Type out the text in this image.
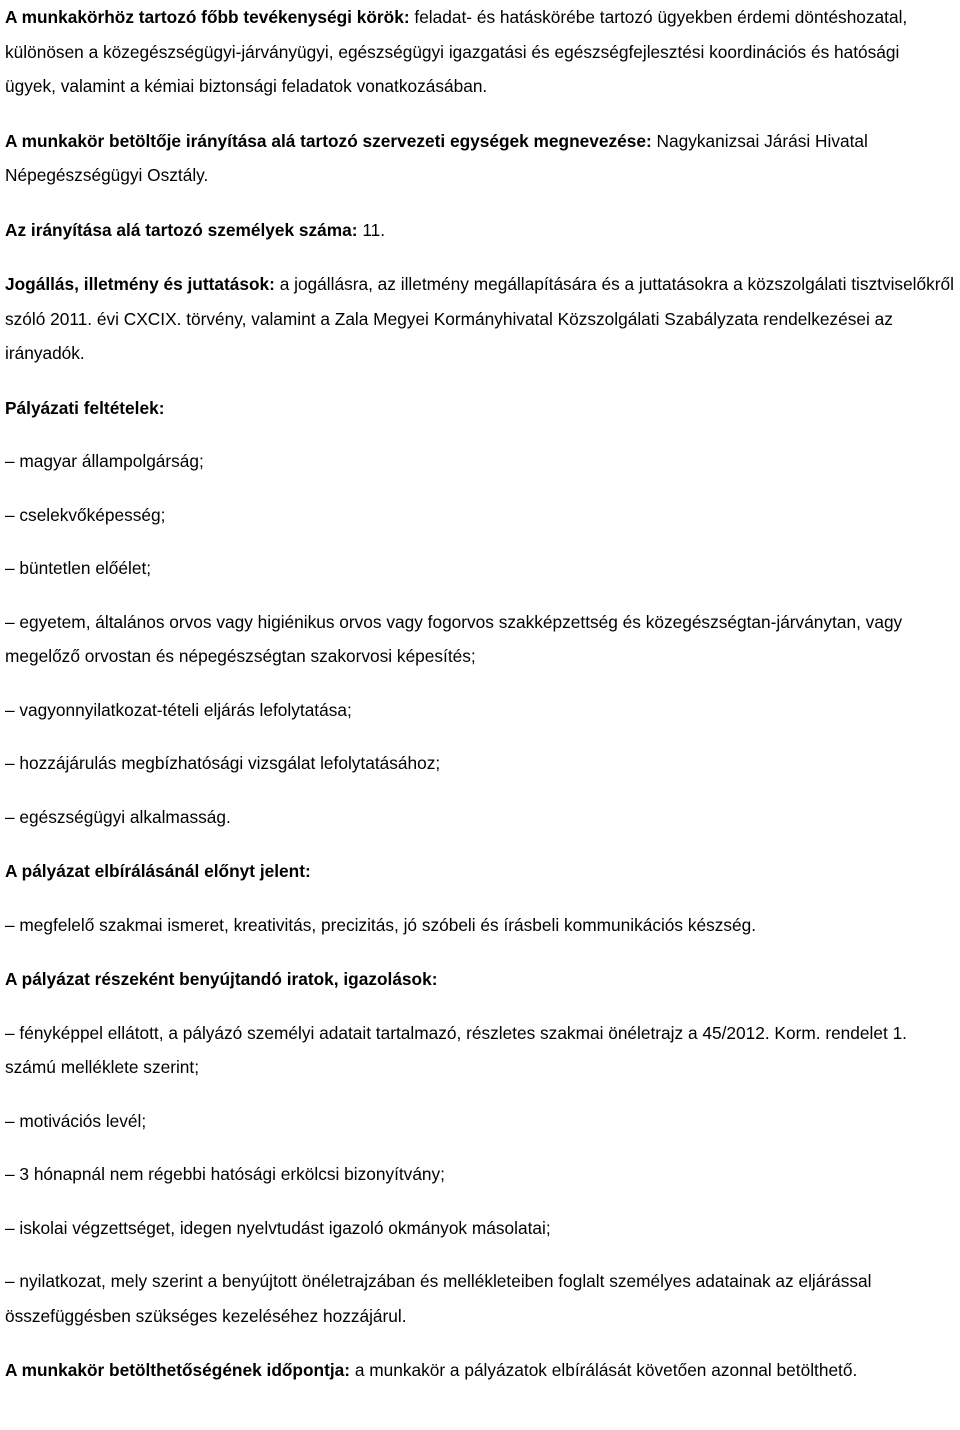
A munkakörhöz tartozó főbb tevékenységi körök: feladat- és hatáskörébe tartozó ügyekben érdemi döntéshozatal, különösen a közegészségügyi-járványügyi, egészségügyi igazgatási és egészségfejlesztési koordinációs és hatósági ügyek, valamint a kémiai biztonsági feladatok vonatkozásában.

A munkakör betöltője irányítása alá tartozó szervezeti egységek megnevezése: Nagykanizsai Járási Hivatal Népegészségügyi Osztály.

Az irányítása alá tartozó személyek száma: 11.

Jogállás, illetmény és juttatások: a jogállásra, az illetmény megállapítására és a juttatásokra a közszolgálati tisztviselőkről szóló 2011. évi CXCIX. törvény, valamint a Zala Megyei Kormányhivatal Közszolgálati Szabályzata rendelkezései az irányadók.

Pályázati feltételek:

– magyar állampolgárság;

– cselekvőképesség;

– büntetlen előélet;

– egyetem, általános orvos vagy higiénikus orvos vagy fogorvos szakképzettség és közegészségtan-járványtan, vagy megelőző orvostan és népegészségtan szakorvosi képesítés;

– vagyonnyilatkozat-tételi eljárás lefolytatása;

– hozzájárulás megbízhatósági vizsgálat lefolytatásához;

– egészségügyi alkalmasság.

A pályázat elbírálásánál előnyt jelent:

– megfelelő szakmai ismeret, kreativitás, precizitás, jó szóbeli és írásbeli kommunikációs készség.

A pályázat részeként benyújtandó iratok, igazolások:

– fényképpel ellátott, a pályázó személyi adatait tartalmazó, részletes szakmai önéletrajz a 45/2012. Korm. rendelet 1. számú melléklete szerint;

– motivációs levél;

– 3 hónapnál nem régebbi hatósági erkölcsi bizonyítvány;

– iskolai végzettséget, idegen nyelvtudást igazoló okmányok másolatai;

– nyilatkozat, mely szerint a benyújtott önéletrajzában és mellékleteiben foglalt személyes adatainak az eljárással összefüggésben szükséges kezeléséhez hozzájárul.

A munkakör betölthetőségének időpontja: a munkakör a pályázatok elbírálását követően azonnal betölthető.
